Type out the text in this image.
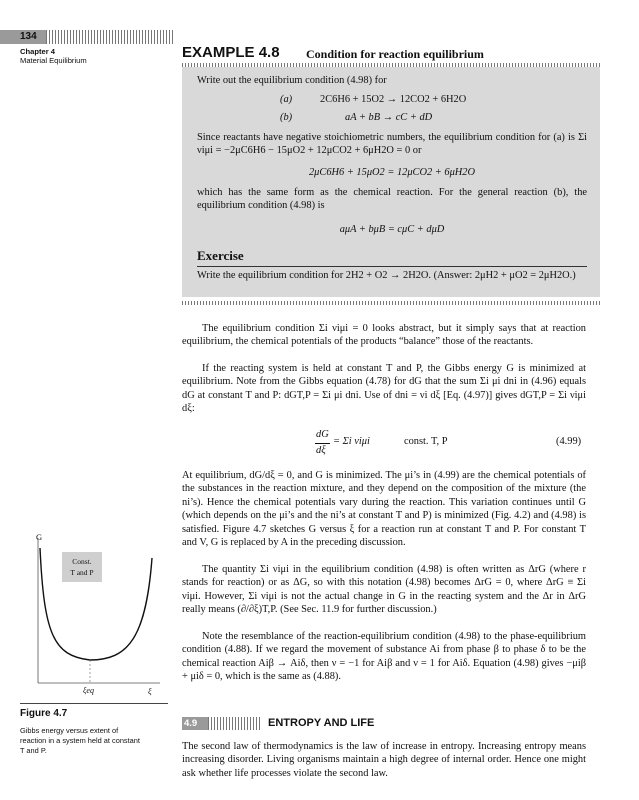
134
Chapter 4
Material Equilibrium
G
Const.
T and P
ξeq	ξ
Figure 4.7
Gibbs energy versus extent of reaction in a system held at constant T and P.
EXAMPLE 4.8 Condition for reaction equilibrium
Write out the equilibrium condition (4.98) for
(a)	2C6H6 + 15O2 → 12CO2 + 6H2O
(b)	aA + bB → cC + dD
Since reactants have negative stoichiometric numbers, the equilibrium condition for (a) is Σi νiμi = −2μC6H6 − 15μO2 + 12μCO2 + 6μH2O = 0 or
2μC6H6 + 15μO2 = 12μCO2 + 6μH2O
which has the same form as the chemical reaction. For the general reaction (b), the equilibrium condition (4.98) is
aμA + bμB = cμC + dμD
Exercise
Write the equilibrium condition for 2H2 + O2 → 2H2O. (Answer: 2μH2 + μO2 = 2μH2O.)
The equilibrium condition Σi νiμi = 0 looks abstract, but it simply says that at reaction equilibrium, the chemical potentials of the products “balance” those of the reactants.
If the reacting system is held at constant T and P, the Gibbs energy G is minimized at equilibrium. Note from the Gibbs equation (4.78) for dG that the sum Σi μi dni in (4.96) equals dG at constant T and P: dGT,P = Σi μi dni. Use of dni = νi dξ [Eq. (4.97)] gives dGT,P = Σi νiμi dξ:
dG
dξ
= Σi νiμi	const. T, P	(4.99)
At equilibrium, dG/dξ = 0, and G is minimized. The μi’s in (4.99) are the chemical potentials of the substances in the reaction mixture, and they depend on the composition of the mixture (the ni’s). Hence the chemical potentials vary during the reaction. This variation continues until G (which depends on the μi’s and the ni’s at constant T and P) is minimized (Fig. 4.2) and (4.98) is satisfied. Figure 4.7 sketches G versus ξ for a reaction run at constant T and P. For constant T and V, G is replaced by A in the preceding discussion.
The quantity Σi νiμi in the equilibrium condition (4.98) is often written as ΔrG (where r stands for reaction) or as ΔG, so with this notation (4.98) becomes ΔrG = 0, where ΔrG ≡ Σi νiμi. However, Σi νiμi is not the actual change in G in the reacting system and the Δr in ΔrG really means (∂/∂ξ)T,P. (See Sec. 11.9 for further discussion.)
Note the resemblance of the reaction-equilibrium condition (4.98) to the phase-equilibrium condition (4.88). If we regard the movement of substance Ai from phase β to phase δ to be the chemical reaction Aiβ → Aiδ, then ν = −1 for Aiβ and ν = 1 for Aiδ. Equation (4.98) gives −μiβ + μiδ = 0, which is the same as (4.88).
4.9	ENTROPY AND LIFE
The second law of thermodynamics is the law of increase in entropy. Increasing entropy means increasing disorder. Living organisms maintain a high degree of internal order. Hence one might ask whether life processes violate the second law.
